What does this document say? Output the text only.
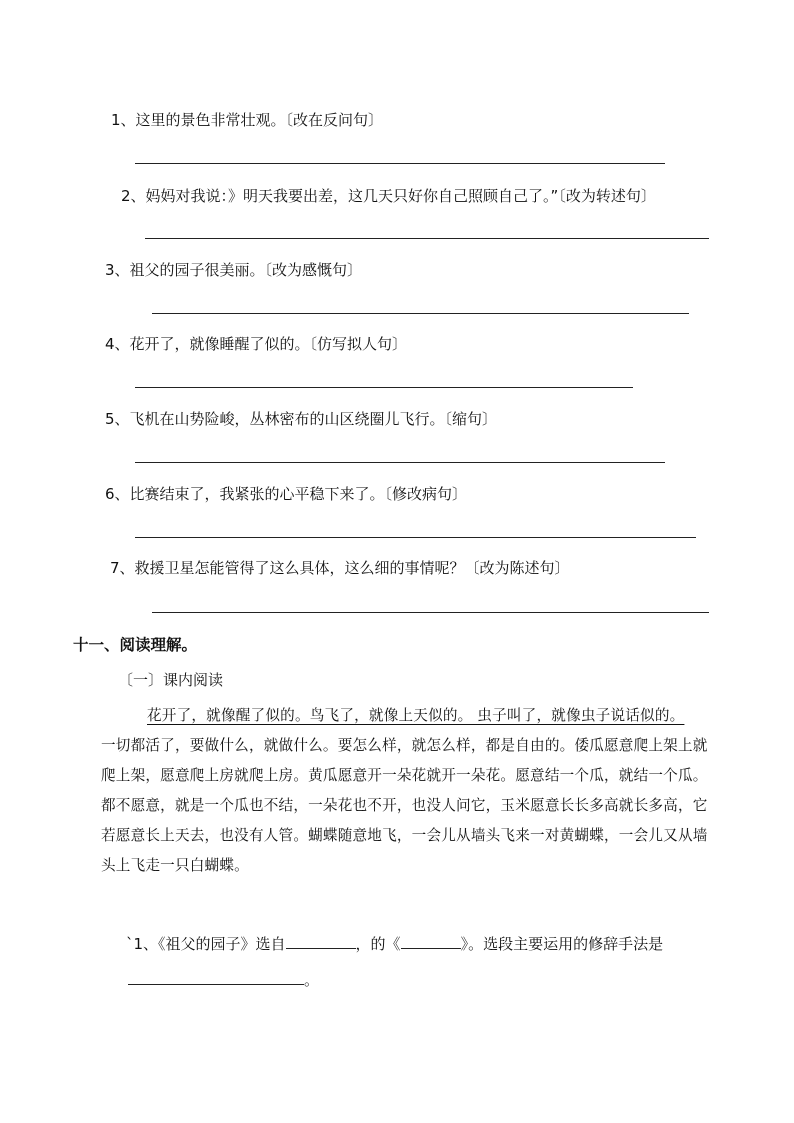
1、这里的景色非常壮观。〔改在反问句〕
2、妈妈对我说：》明天我要出差，这几天只好你自己照顾自己了。”〔改为转述句〕
3、祖父的园子很美丽。〔改为感慨句〕
4、花开了，就像睡醒了似的。〔仿写拟人句〕
5、飞机在山势险峻，丛林密布的山区绕圈儿飞行。〔缩句〕
6、比赛结束了，我紧张的心平稳下来了。〔修改病句〕
7、救援卫星怎能管得了这么具体，这么细的事情呢？〔改为陈述句〕
十一、阅读理解。
〔一〕课内阅读
花开了，就像醒了似的。鸟飞了，就像上天似的。 虫子叫了，就像虫子说话似的。
一切都活了，要做什么，就做什么。要怎么样，就怎么样，都是自由的。倭瓜愿意爬上架上就爬上架，愿意爬上房就爬上房。黄瓜愿意开一朵花就开一朵花。愿意结一个瓜，就结一个瓜。都不愿意，就是一个瓜也不结，一朵花也不开，也没人问它，玉米愿意长长多高就长多高，它若愿意长上天去，也没有人管。蝴蝶随意地飞，一会儿从墙头飞来一对黄蝴蝶，一会儿又从墙头上飞走一只白蝴蝶。
`1、《祖父的园子》选自	，的《	》。选段主要运用的修辞手法是
。
